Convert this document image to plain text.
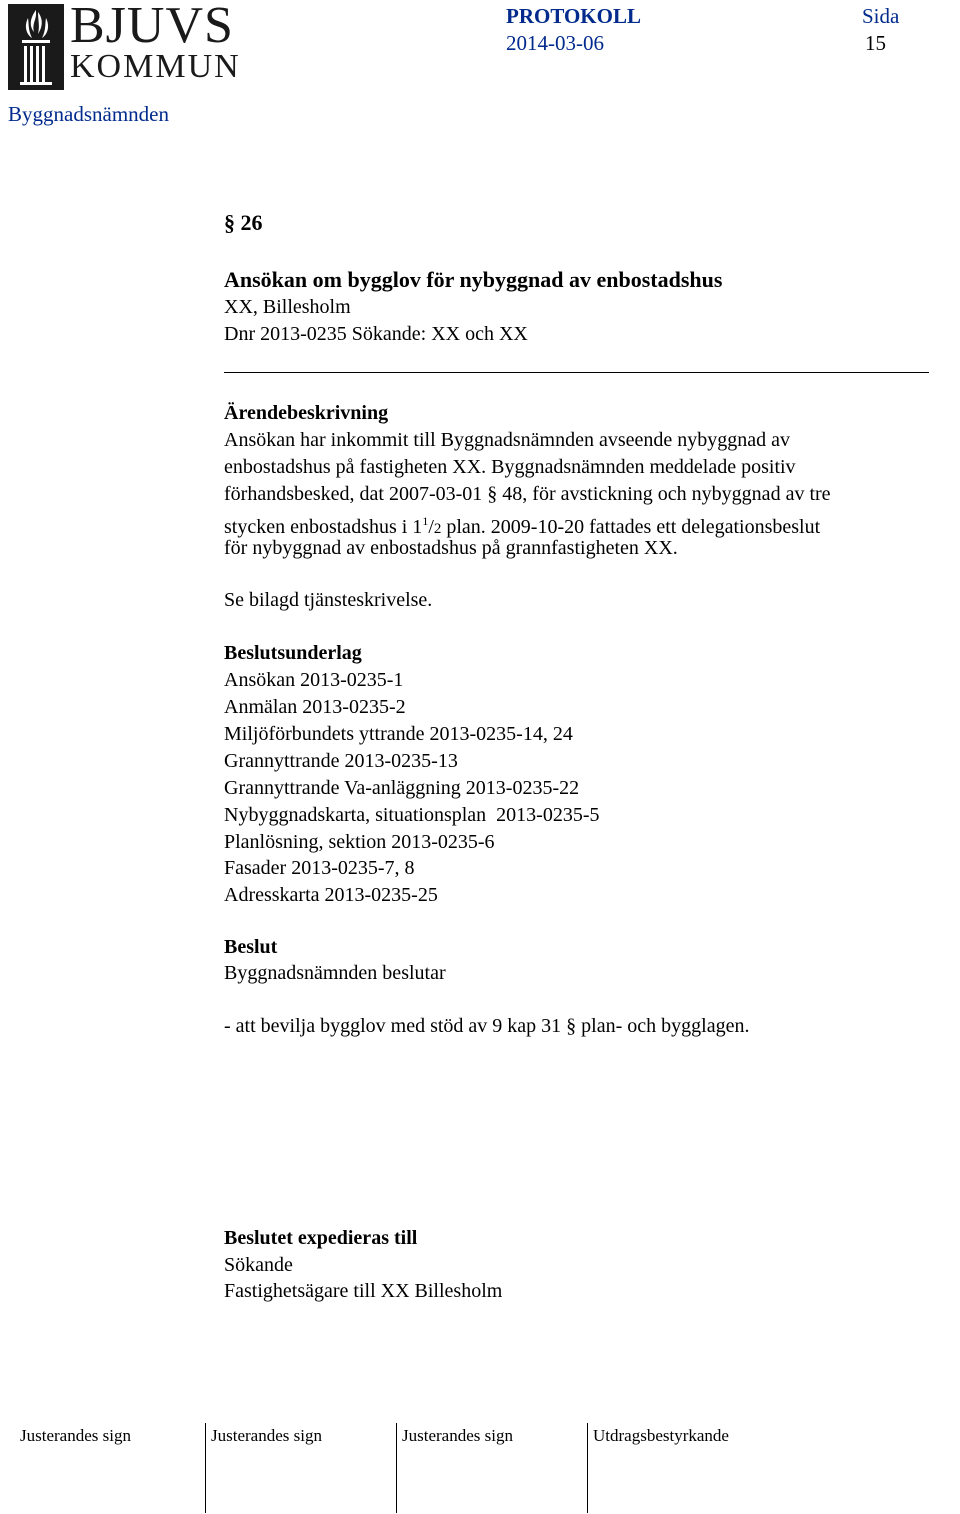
BJUVS
KOMMUN
PROTOKOLL
2014-03-06
Sida
15
Byggnadsnämnden
§ 26
Ansökan om bygglov för nybyggnad av enbostadshus
XX, Billesholm
Dnr 2013-0235 Sökande: XX och XX
Ärendebeskrivning
Ansökan har inkommit till Byggnadsnämnden avseende nybyggnad av
enbostadshus på fastigheten XX. Byggnadsnämnden meddelade positiv
förhandsbesked, dat 2007-03-01 § 48, för avstickning och nybyggnad av tre
stycken enbostadshus i $1^1/2$ plan. 2009-10-20 fattades ett delegationsbeslut
för nybyggnad av enbostadshus på grannfastigheten XX.
Se bilagd tjänsteskrivelse.
Beslutsunderlag
Ansökan 2013-0235-1
Anmälan 2013-0235-2
Miljöförbundets yttrande 2013-0235-14, 24
Grannyttrande 2013-0235-13
Grannyttrande Va-anläggning 2013-0235-22
Nybyggnadskarta, situationsplan  2013-0235-5
Planlösning, sektion 2013-0235-6
Fasader 2013-0235-7, 8
Adresskarta 2013-0235-25
Beslut
Byggnadsnämnden beslutar
- att bevilja bygglov med stöd av 9 kap 31 § plan- och bygglagen.
Beslutet expedieras till
Sökande
Fastighetsägare till XX Billesholm
Justerandes sign	Justerandes sign	Justerandes sign	Utdragsbestyrkande
